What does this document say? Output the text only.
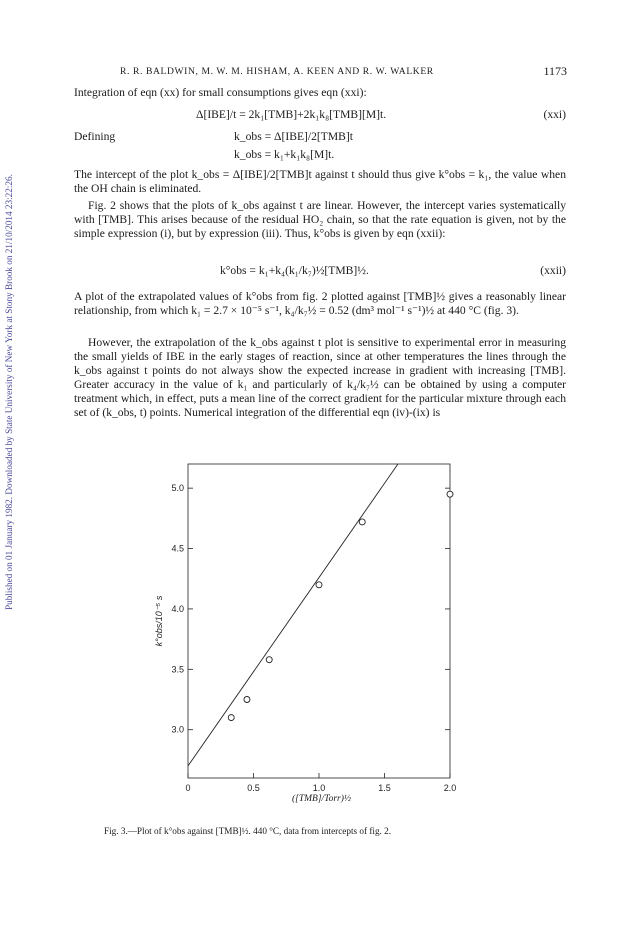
Published on 01 January 1982. Downloaded by State University of New York at Stony Brook on 21/10/2014 23:22:26.
R. R. BALDWIN, M. W. M. HISHAM, A. KEEN AND R. W. WALKER	1173
Integration of eqn (xx) for small consumptions gives eqn (xxi):
Δ[IBE]/t = 2k₁[TMB]+2k₁k₈[TMB][M]t.	(xxi)
Defining	k_obs = Δ[IBE]/2[TMB]t
k_obs = k₁+k₁k₈[M]t.
The intercept of the plot k_obs = Δ[IBE]/2[TMB]t against t should thus give k°obs = k₁, the value when the OH chain is eliminated.
Fig. 2 shows that the plots of k_obs against t are linear. However, the intercept varies systematically with [TMB]. This arises because of the residual HO₂ chain, so that the rate equation is given, not by the simple expression (i), but by expression (iii). Thus, k°obs is given by eqn (xxii):
k°obs = k₁+k₄(k₁/k₇)½[TMB]½.	(xxii)
A plot of the extrapolated values of k°obs from fig. 2 plotted against [TMB]½ gives a reasonably linear relationship, from which k₁ = 2.7 × 10⁻⁵ s⁻¹, k₄/k₇½ = 0.52 (dm³ mol⁻¹ s⁻¹)½ at 440 °C (fig. 3).
However, the extrapolation of the k_obs against t plot is sensitive to experimental error in measuring the small yields of IBE in the early stages of reaction, since at other temperatures the lines through the k_obs against t points do not always show the expected increase in gradient with increasing [TMB]. Greater accuracy in the value of k₁ and particularly of k₄/k₇½ can be obtained by using a computer treatment which, in effect, puts a mean line of the correct gradient for the particular mixture through each set of (k_obs, t) points. Numerical integration of the differential eqn (iv)-(ix) is
0	0.5	1.0	1.5	2.0
3.0
3.5
4.0
4.5
5.0
k°obs/10⁻⁵ s
([TMB]/Torr)½
Fig. 3.—Plot of k°obs against [TMB]½. 440 °C, data from intercepts of fig. 2.
